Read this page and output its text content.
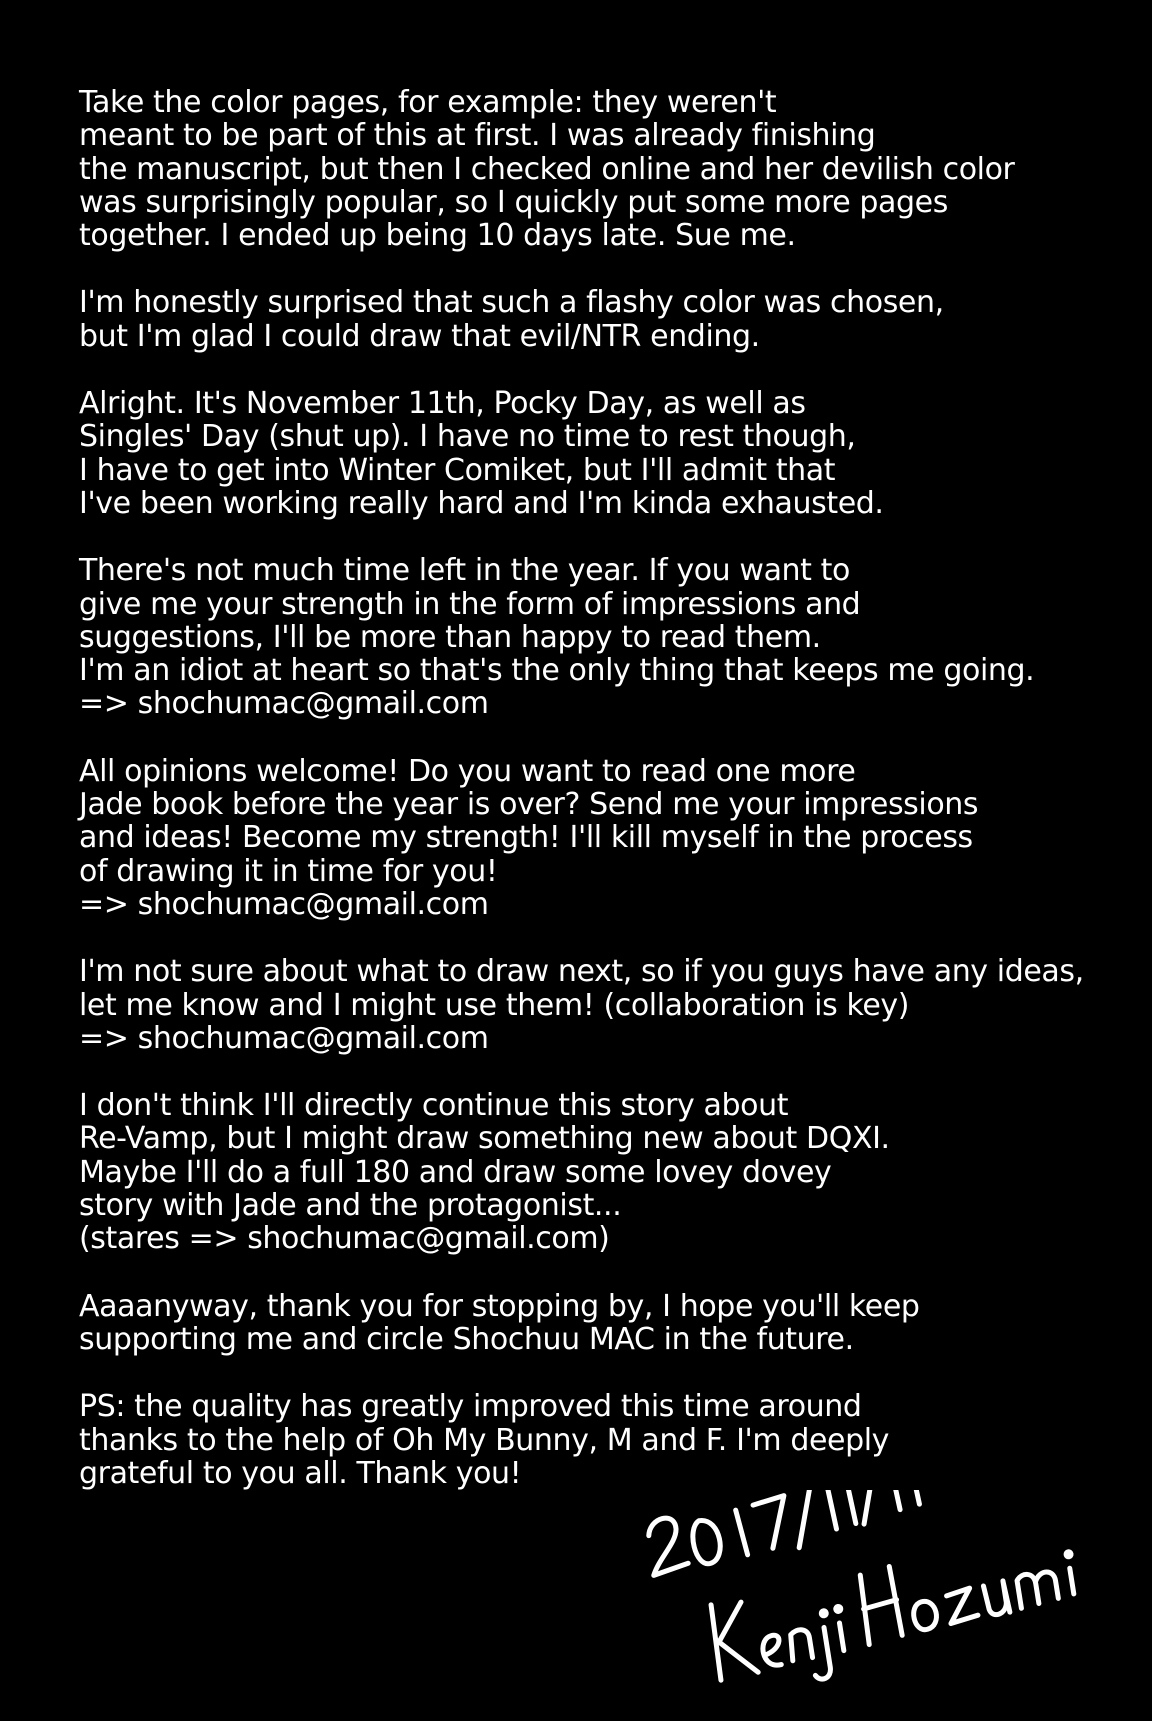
Take the color pages, for example: they weren't
meant to be part of this at first. I was already finishing
the manuscript, but then I checked online and her devilish color
was surprisingly popular, so I quickly put some more pages
together. I ended up being 10 days late. Sue me.
I'm honestly surprised that such a flashy color was chosen,
but I'm glad I could draw that evil/NTR ending.
Alright. It's November 11th, Pocky Day, as well as
Singles' Day (shut up). I have no time to rest though,
I have to get into Winter Comiket, but I'll admit that
I've been working really hard and I'm kinda exhausted.
There's not much time left in the year. If you want to
give me your strength in the form of impressions and
suggestions, I'll be more than happy to read them.
I'm an idiot at heart so that's the only thing that keeps me going.
=> shochumac@gmail.com
All opinions welcome! Do you want to read one more
Jade book before the year is over? Send me your impressions
and ideas! Become my strength! I'll kill myself in the process
of drawing it in time for you!
=> shochumac@gmail.com
I'm not sure about what to draw next, so if you guys have any ideas,
let me know and I might use them! (collaboration is key)
=> shochumac@gmail.com
I don't think I'll directly continue this story about
Re-Vamp, but I might draw something new about DQXI.
Maybe I'll do a full 180 and draw some lovey dovey
story with Jade and the protagonist...
(stares => shochumac@gmail.com)
Aaaanyway, thank you for stopping by, I hope you'll keep
supporting me and circle Shochuu MAC in the future.
PS: the quality has greatly improved this time around
thanks to the help of Oh My Bunny, M and F. I'm deeply
grateful to you all. Thank you!
